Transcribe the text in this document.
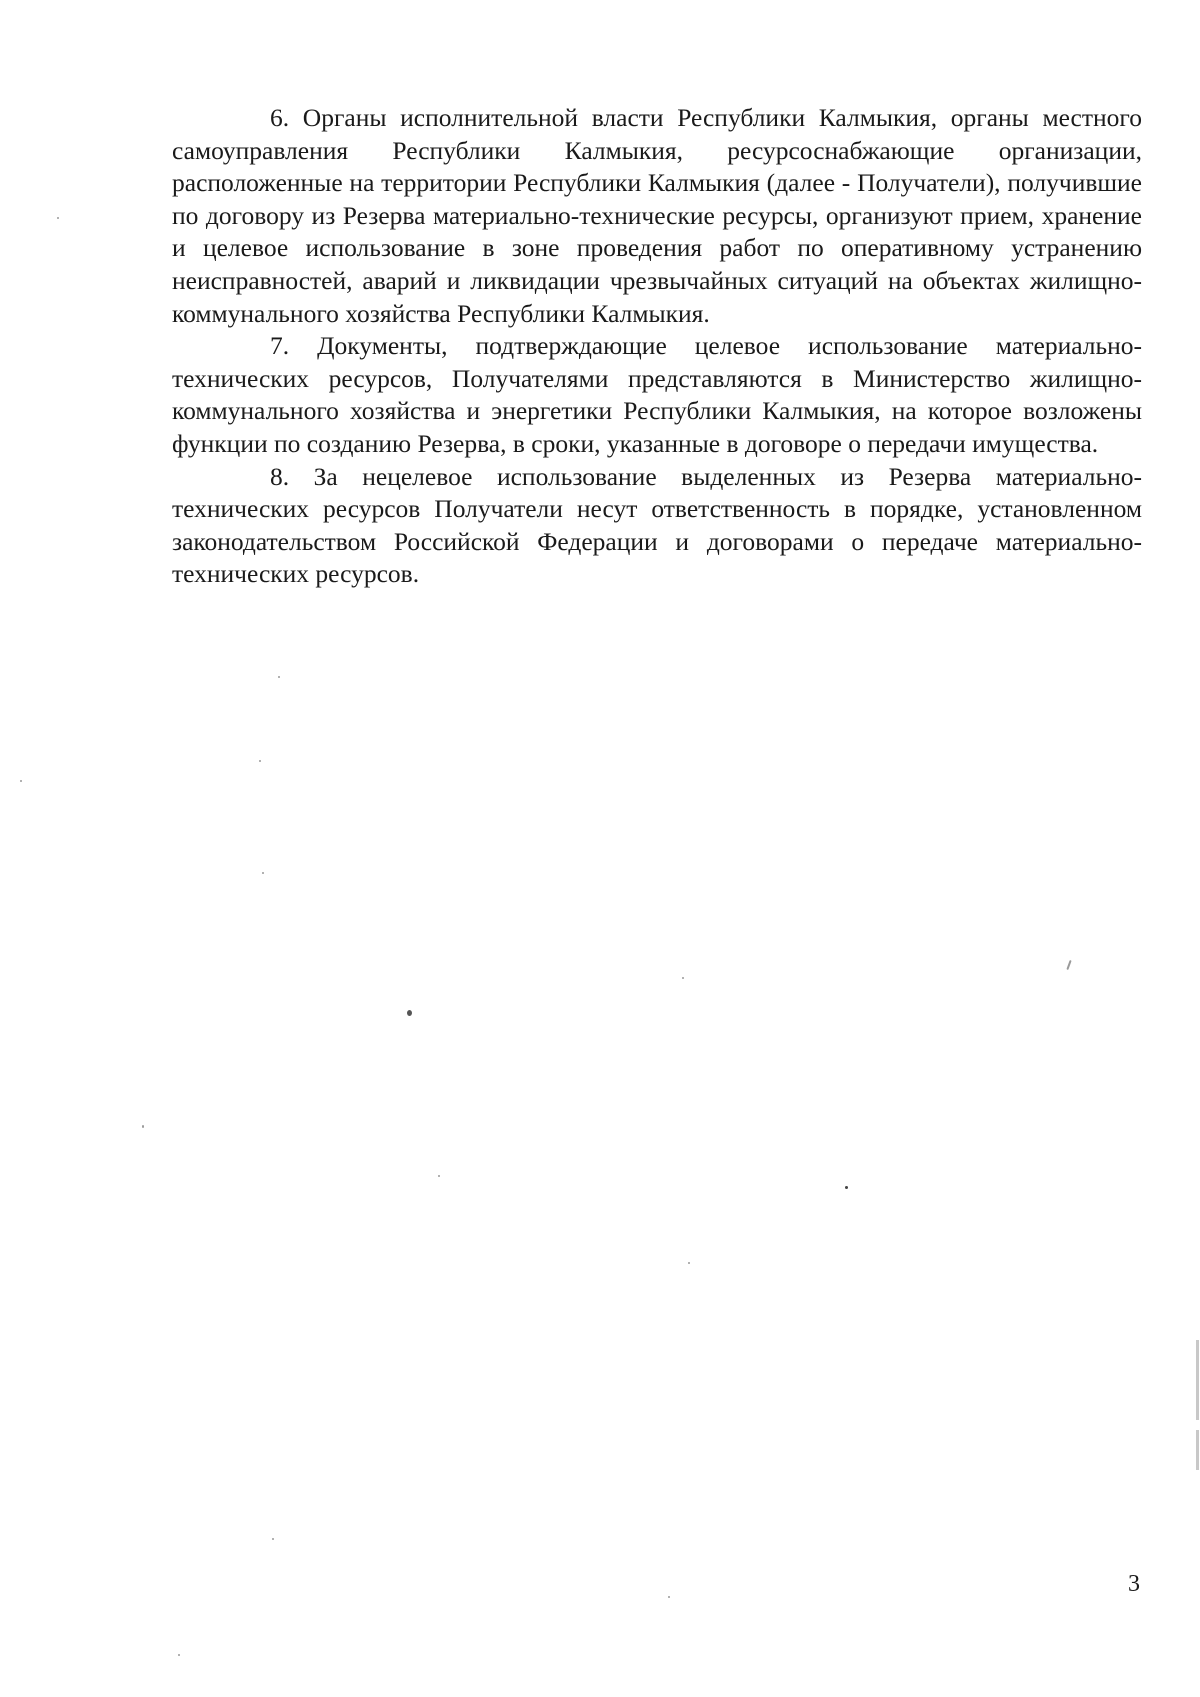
6. Органы исполнительной власти Республики Калмыкия, органы местного самоуправления Республики Калмыкия, ресурсоснабжающие организации, расположенные на территории Республики Калмыкия (далее - Получатели), получившие по договору из Резерва материально-технические ресурсы, организуют прием, хранение и целевое использование в зоне проведения работ по оперативному устранению неисправностей, аварий и ликвидации чрезвычайных ситуаций на объектах жилищно-коммунального хозяйства Республики Калмыкия.

7. Документы, подтверждающие целевое использование материально-технических ресурсов, Получателями представляются в Министерство жилищно-коммунального хозяйства и энергетики Республики Калмыкия, на которое возложены функции по созданию Резерва, в сроки, указанные в договоре о передачи имущества.

8. За нецелевое использование выделенных из Резерва материально-технических ресурсов Получатели несут ответственность в порядке, установленном законодательством Российской Федерации и договорами о передаче материально-технических ресурсов.

3
